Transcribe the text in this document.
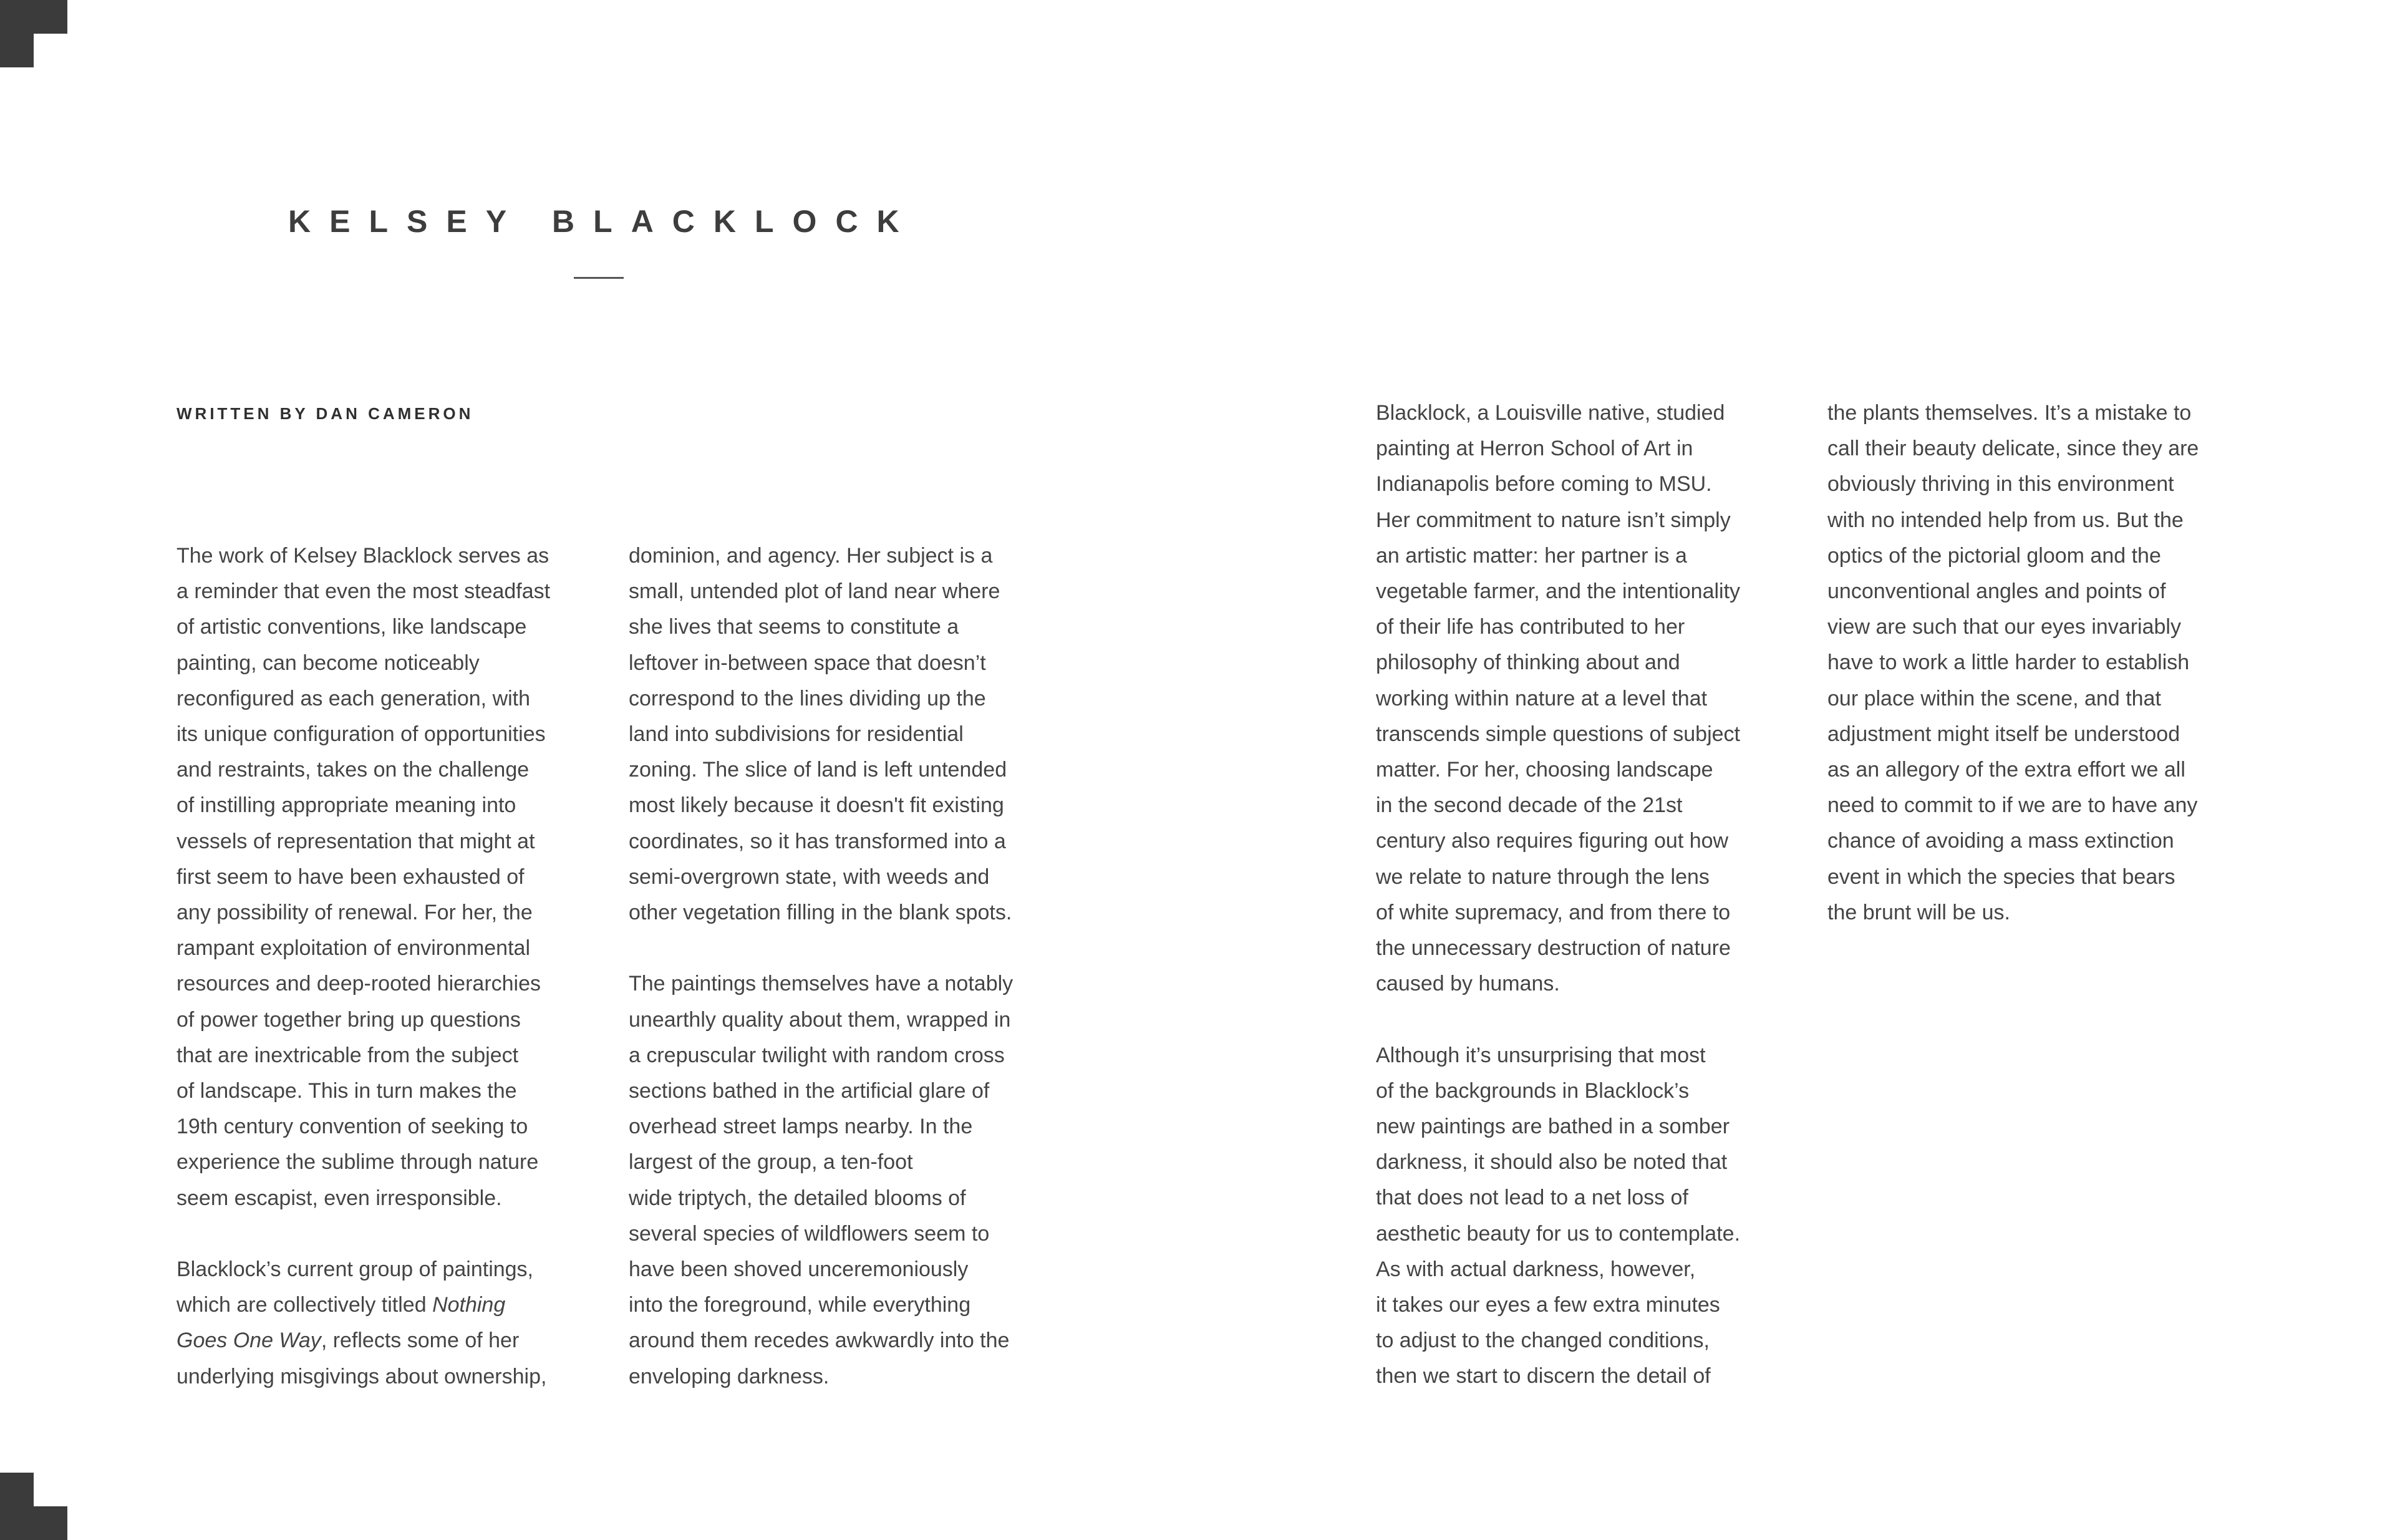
KELSEY BLACKLOCK
WRITTEN BY DAN CAMERON

The work of Kelsey Blacklock serves as
a reminder that even the most steadfast
of artistic conventions, like landscape
painting, can become noticeably
reconfigured as each generation, with
its unique configuration of opportunities
and restraints, takes on the challenge
of instilling appropriate meaning into
vessels of representation that might at
first seem to have been exhausted of
any possibility of renewal. For her, the
rampant exploitation of environmental
resources and deep-rooted hierarchies
of power together bring up questions
that are inextricable from the subject
of landscape. This in turn makes the
19th century convention of seeking to
experience the sublime through nature
seem escapist, even irresponsible.

Blacklock’s current group of paintings,
which are collectively titled Nothing
Goes One Way, reflects some of her
underlying misgivings about ownership,

dominion, and agency. Her subject is a
small, untended plot of land near where
she lives that seems to constitute a
leftover in-between space that doesn’t
correspond to the lines dividing up the
land into subdivisions for residential
zoning. The slice of land is left untended
most likely because it doesn't fit existing
coordinates, so it has transformed into a
semi-overgrown state, with weeds and
other vegetation filling in the blank spots.

The paintings themselves have a notably
unearthly quality about them, wrapped in
a crepuscular twilight with random cross
sections bathed in the artificial glare of
overhead street lamps nearby. In the
largest of the group, a ten-foot
wide triptych, the detailed blooms of
several species of wildflowers seem to
have been shoved unceremoniously
into the foreground, while everything
around them recedes awkwardly into the
enveloping darkness.

Blacklock, a Louisville native, studied
painting at Herron School of Art in
Indianapolis before coming to MSU.
Her commitment to nature isn’t simply
an artistic matter: her partner is a
vegetable farmer, and the intentionality
of their life has contributed to her
philosophy of thinking about and
working within nature at a level that
transcends simple questions of subject
matter. For her, choosing landscape
in the second decade of the 21st
century also requires figuring out how
we relate to nature through the lens
of white supremacy, and from there to
the unnecessary destruction of nature
caused by humans.

Although it’s unsurprising that most
of the backgrounds in Blacklock’s
new paintings are bathed in a somber
darkness, it should also be noted that
that does not lead to a net loss of
aesthetic beauty for us to contemplate.
As with actual darkness, however,
it takes our eyes a few extra minutes
to adjust to the changed conditions,
then we start to discern the detail of

the plants themselves. It’s a mistake to
call their beauty delicate, since they are
obviously thriving in this environment
with no intended help from us. But the
optics of the pictorial gloom and the
unconventional angles and points of
view are such that our eyes invariably
have to work a little harder to establish
our place within the scene, and that
adjustment might itself be understood
as an allegory of the extra effort we all
need to commit to if we are to have any
chance of avoiding a mass extinction
event in which the species that bears
the brunt will be us.
